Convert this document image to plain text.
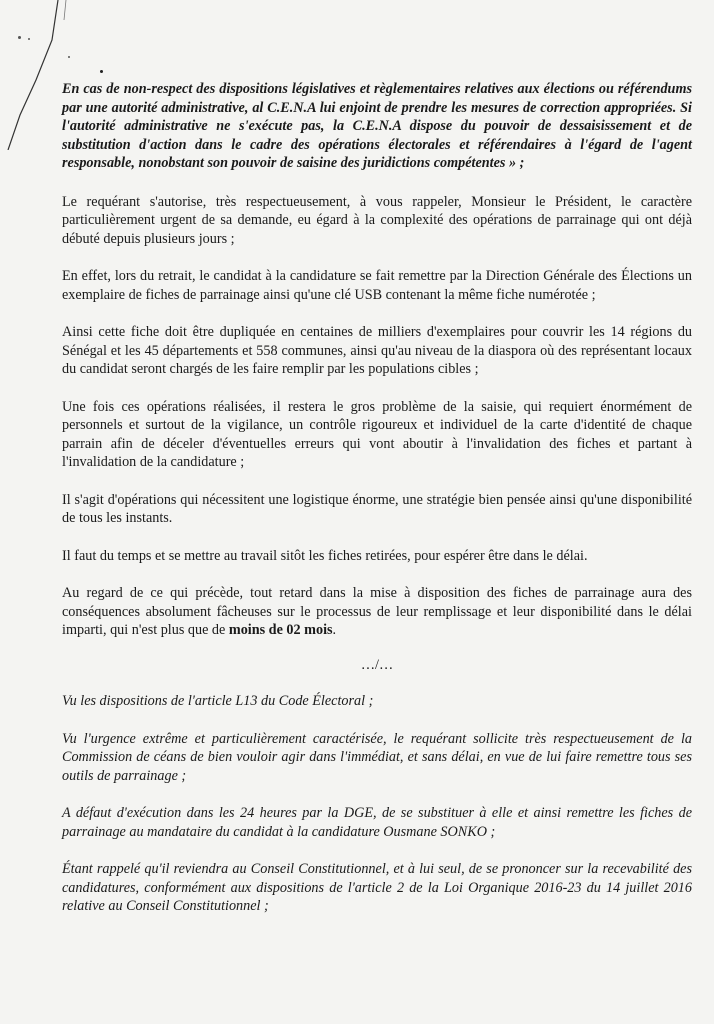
En cas de non-respect des dispositions législatives et règlementaires relatives aux élections ou référendums par une autorité administrative, al C.E.N.A lui enjoint de prendre les mesures de correction appropriées. Si l'autorité administrative ne s'exécute pas, la C.E.N.A dispose du pouvoir de dessaisissement et de substitution d'action dans le cadre des opérations électorales et référendaires à l'égard de l'agent responsable, nonobstant son pouvoir de saisine des juridictions compétentes » ;

Le requérant s'autorise, très respectueusement, à vous rappeler, Monsieur le Président, le caractère particulièrement urgent de sa demande, eu égard à la complexité des opérations de parrainage qui ont déjà débuté depuis plusieurs jours ;

En effet, lors du retrait, le candidat à la candidature se fait remettre par la Direction Générale des Élections un exemplaire de fiches de parrainage ainsi qu'une clé USB contenant la même fiche numérotée ;

Ainsi cette fiche doit être dupliquée en centaines de milliers d'exemplaires pour couvrir les 14 régions du Sénégal et les 45 départements et 558 communes, ainsi qu'au niveau de la diaspora où des représentant locaux du candidat seront chargés de les faire remplir par les populations cibles ;

Une fois ces opérations réalisées, il restera le gros problème de la saisie, qui requiert énormément de personnels et surtout de la vigilance, un contrôle rigoureux et individuel de la carte d'identité de chaque parrain afin de déceler d'éventuelles erreurs qui vont aboutir à l'invalidation des fiches et partant à l'invalidation de la candidature ;

Il s'agit d'opérations qui nécessitent une logistique énorme, une stratégie bien pensée ainsi qu'une disponibilité de tous les instants.

Il faut du temps et se mettre au travail sitôt les fiches retirées, pour espérer être dans le délai.

Au regard de ce qui précède, tout retard dans la mise à disposition des fiches de parrainage aura des conséquences absolument fâcheuses sur le processus de leur remplissage et leur disponibilité dans le délai imparti, qui n'est plus que de moins de 02 mois.

…/…

Vu les dispositions de l'article L13 du Code Électoral ;

Vu l'urgence extrême et particulièrement caractérisée, le requérant sollicite très respectueusement de la Commission de céans de bien vouloir agir dans l'immédiat, et sans délai, en vue de lui faire remettre tous ses outils de parrainage ;

A défaut d'exécution dans les 24 heures par la DGE, de se substituer à elle et ainsi remettre les fiches de parrainage au mandataire du candidat à la candidature Ousmane SONKO ;

Étant rappelé qu'il reviendra au Conseil Constitutionnel, et à lui seul, de se prononcer sur la recevabilité des candidatures, conformément aux dispositions de l'article 2 de la Loi Organique 2016-23 du 14 juillet 2016 relative au Conseil Constitutionnel ;
